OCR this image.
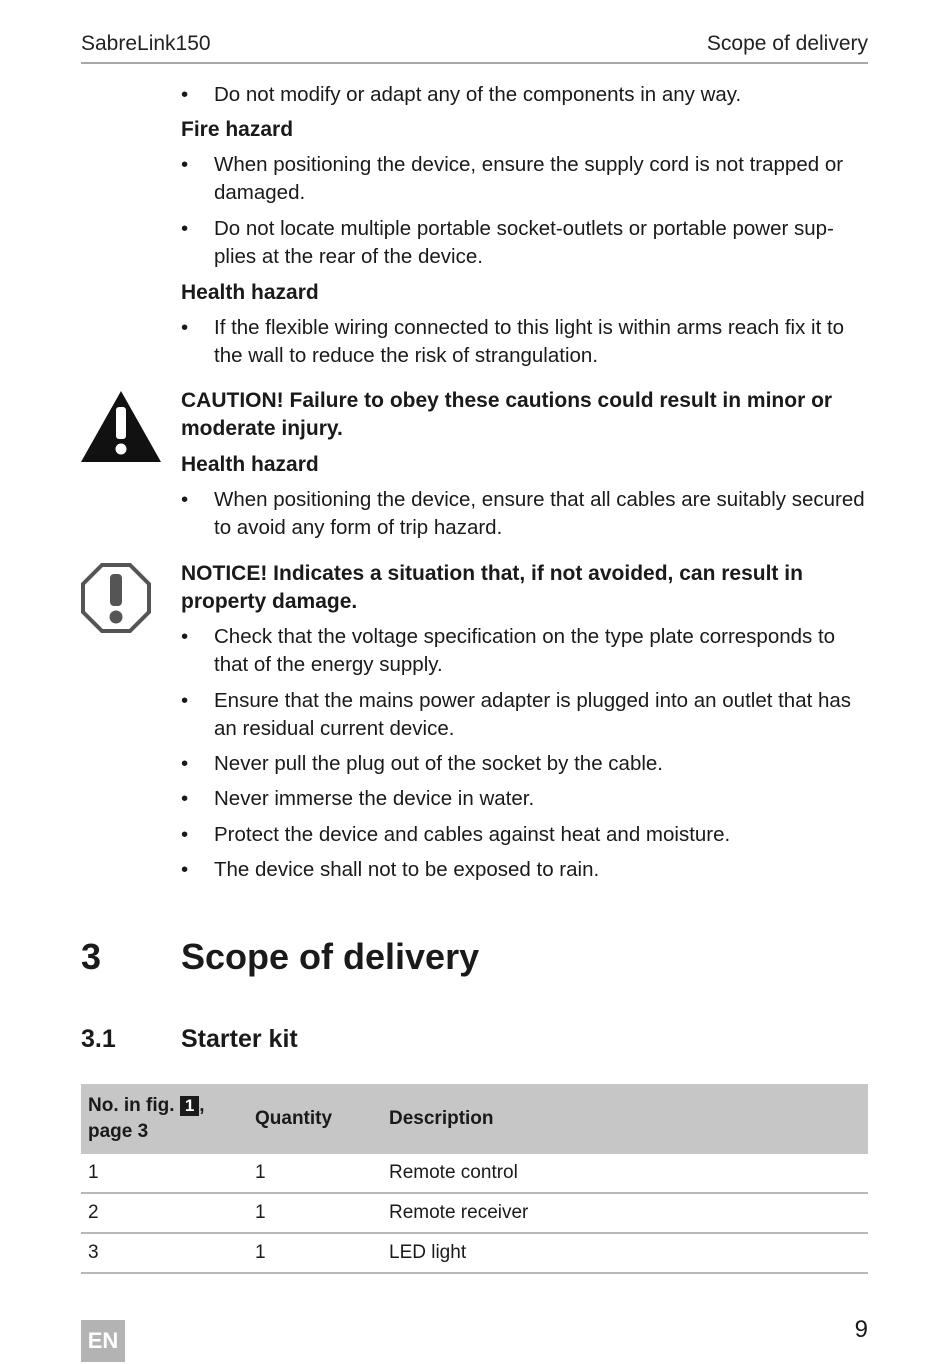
SabreLink150	Scope of delivery
•	Do not modify or adapt any of the components in any way.
Fire hazard
•	When positioning the device, ensure the supply cord is not trapped or damaged.
•	Do not locate multiple portable socket-outlets or portable power sup-plies at the rear of the device.
Health hazard
•	If the flexible wiring connected to this light is within arms reach fix it to the wall to reduce the risk of strangulation.
CAUTION! Failure to obey these cautions could result in minor or moderate injury.
Health hazard
•	When positioning the device, ensure that all cables are suitably secured to avoid any form of trip hazard.
NOTICE! Indicates a situation that, if not avoided, can result in property damage.
•	Check that the voltage specification on the type plate corresponds to that of the energy supply.
•	Ensure that the mains power adapter is plugged into an outlet that has an residual current device.
•	Never pull the plug out of the socket by the cable.
•	Never immerse the device in water.
•	Protect the device and cables against heat and moisture.
•	The device shall not to be exposed to rain.
3 Scope of delivery
3.1	Starter kit
No. in fig. 1 ,
page 3	Quantity	Description
1	1	Remote control
2	1	Remote receiver
3	1	LED light
EN	9
